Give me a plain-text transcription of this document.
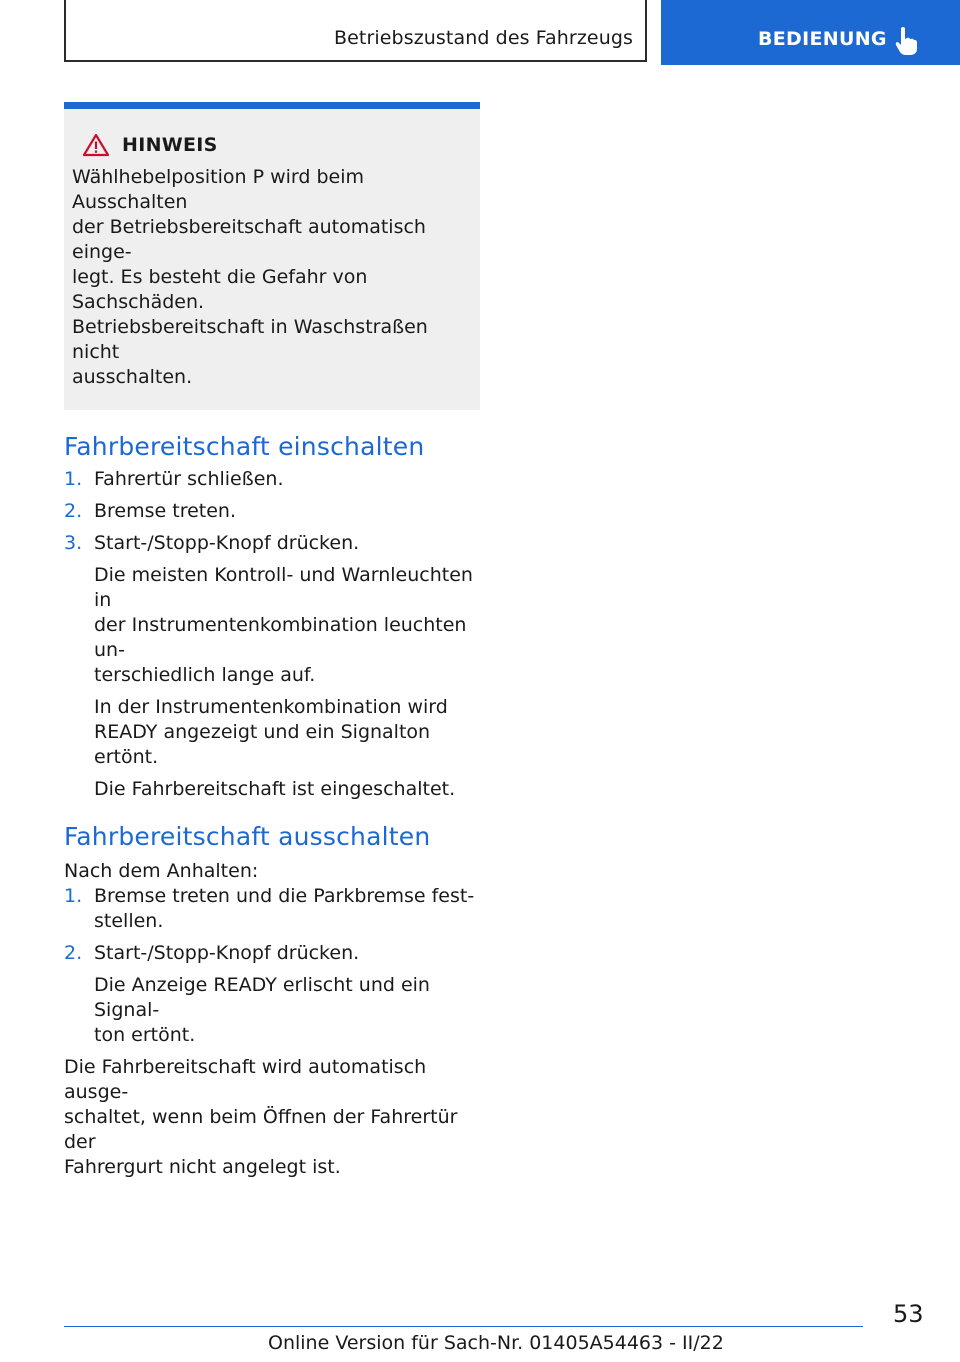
Betriebszustand des Fahrzeugs	BEDIENUNG
HINWEIS
Wählhebelposition P wird beim Ausschalten
der Betriebsbereitschaft automatisch einge-
legt. Es besteht die Gefahr von Sachschäden.
Betriebsbereitschaft in Waschstraßen nicht
ausschalten.
Fahrbereitschaft einschalten
1. Fahrertür schließen.
2. Bremse treten.
3. Start-/Stopp-Knopf drücken.
Die meisten Kontroll- und Warnleuchten in
der Instrumentenkombination leuchten un-
terschiedlich lange auf.
In der Instrumentenkombination wird
READY angezeigt und ein Signalton ertönt.
Die Fahrbereitschaft ist eingeschaltet.
Fahrbereitschaft ausschalten

Nach dem Anhalten:

1. Bremse treten und die Parkbremse fest-
stellen.
2. Start-/Stopp-Knopf drücken.
Die Anzeige READY erlischt und ein Signal-
ton ertönt.

Die Fahrbereitschaft wird automatisch ausge-
schaltet, wenn beim Öffnen der Fahrertür der
Fahrergurt nicht angelegt ist.

53
Online Version für Sach-Nr. 01405A54463 - II/22
